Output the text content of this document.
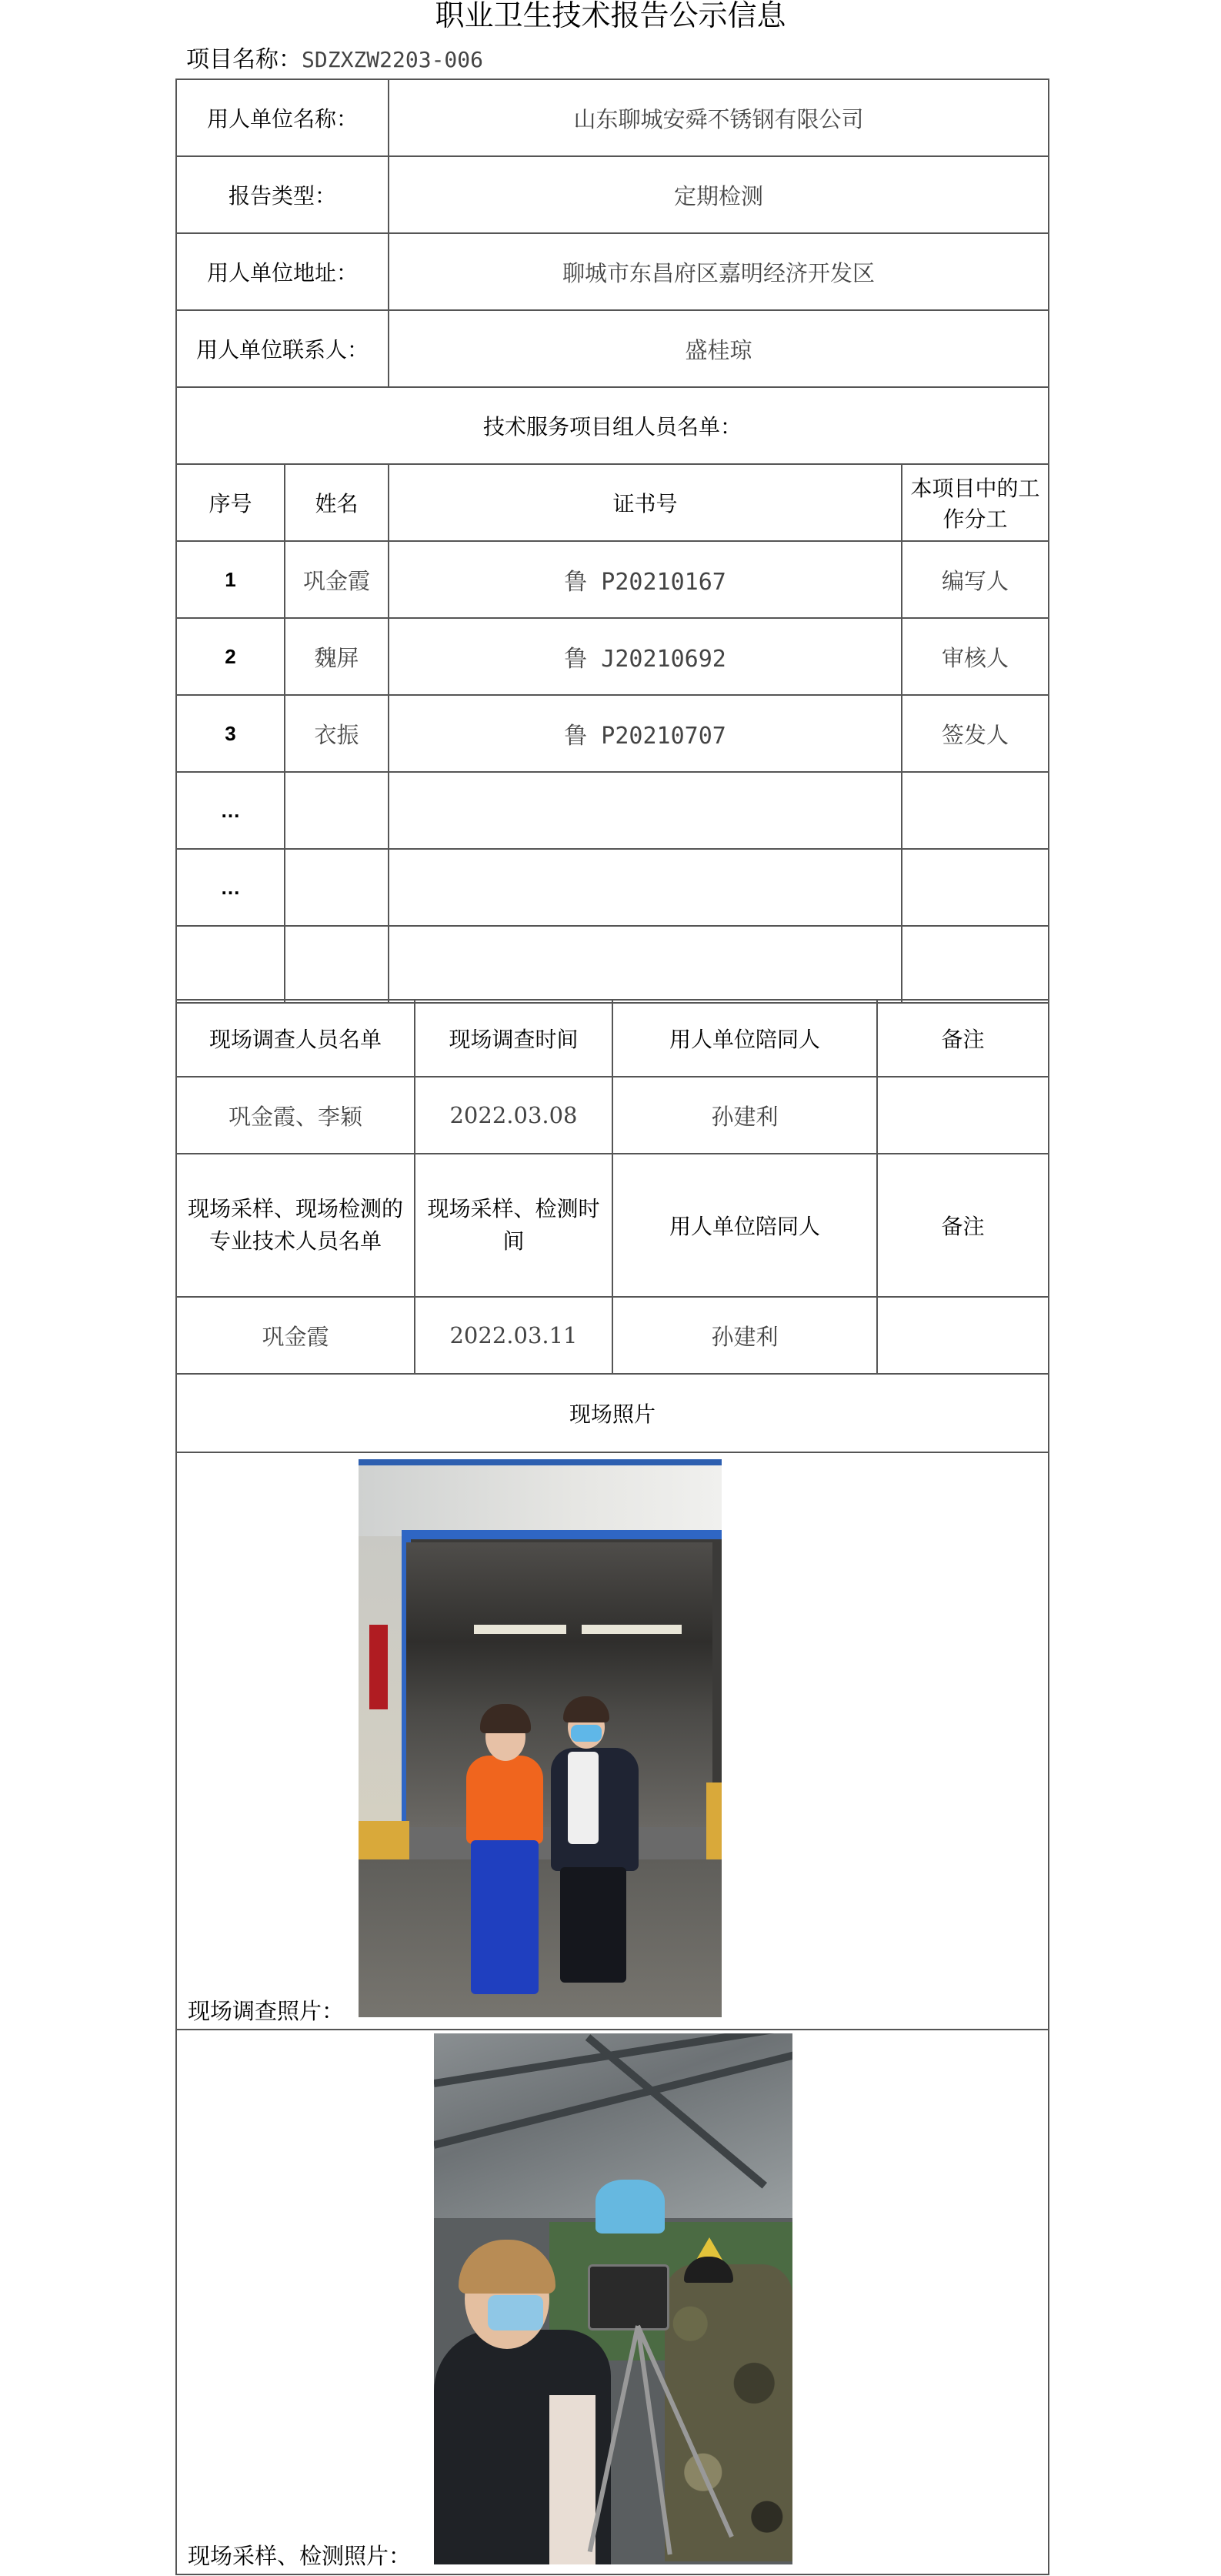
职业卫生技术报告公示信息
项目名称：SDZXZW2203-006
用人单位名称：		山东聊城安舜不锈钢有限公司	
报告类型：		定期检测	
用人单位地址：		聊城市东昌府区嘉明经济开发区	
用人单位联系人：		盛桂琼	
技术服务项目组人员名单：			
序号	姓名	证书号	本项目中的工作分工
1	巩金霞	鲁 P20210167	编写人
2	魏屏	鲁 J20210692	审核人
3	衣振	鲁 P20210707	签发人
…			
…			

现场调查人员名单	现场调查时间	用人单位陪同人	备注
巩金霞、李颖	2022.03.08	孙建利	
现场采样、现场检测的专业技术人员名单	现场采样、检测时间	用人单位陪同人	备注
巩金霞	2022.03.11	孙建利	
现场照片

现场调查照片：

现场采样、检测照片：
